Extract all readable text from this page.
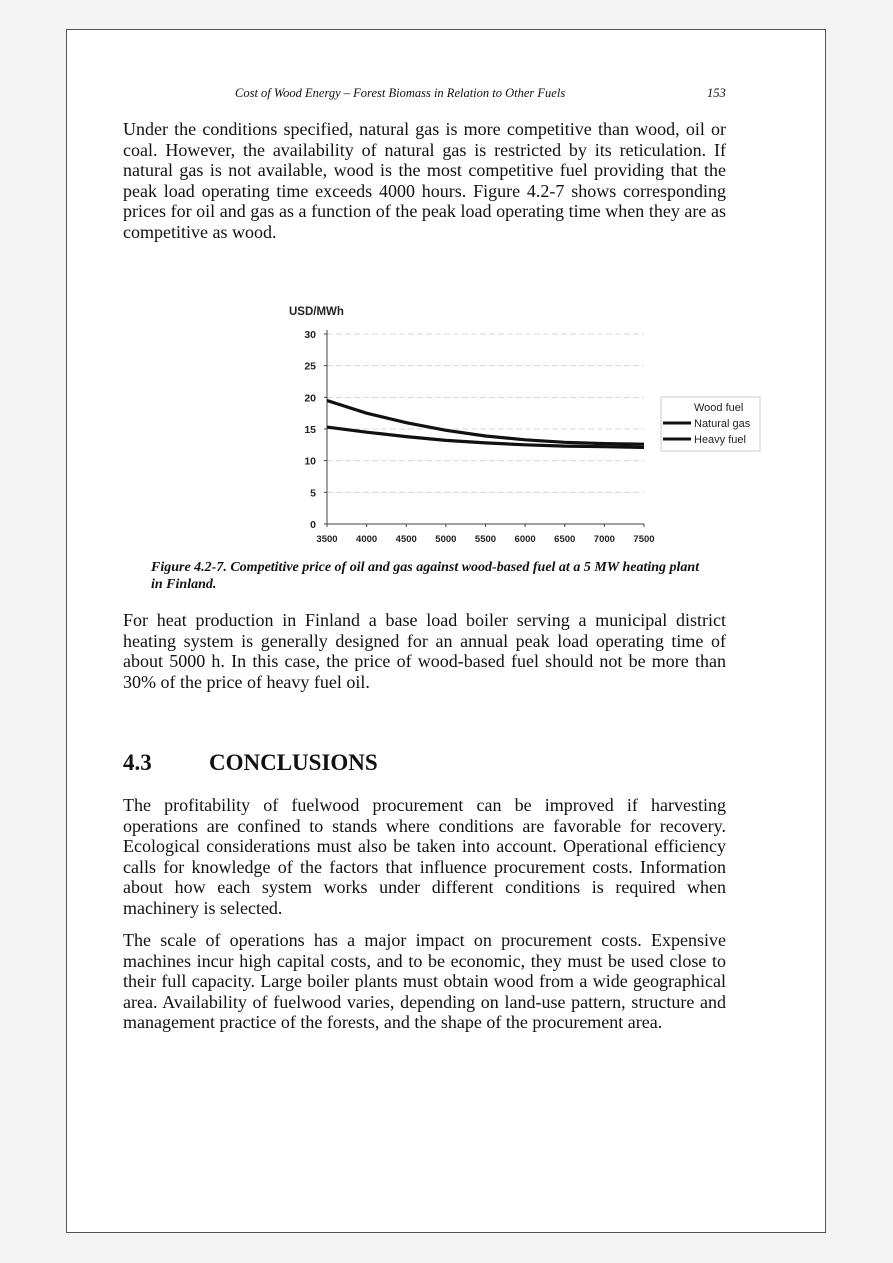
Cost of Wood Energy – Forest Biomass in Relation to Other Fuels	153

Under the conditions specified, natural gas is more competitive than wood, oil or coal. However, the availability of natural gas is restricted by its reticulation. If natural gas is not available, wood is the most competitive fuel providing that the peak load operating time exceeds 4000 hours. Figure 4.2-7 shows corresponding prices for oil and gas as a function of the peak load operating time when they are as competitive as wood.

30
25
20
15
10
5
0
3500 4000 4500 5000 5500 6000 6500 7000 7500
USD/MWh
Wood fuel
Natural gas
Heavy fuel

Figure 4.2-7. Competitive price of oil and gas against wood-based fuel at a 5 MW heating plant in Finland.

For heat production in Finland a base load boiler serving a municipal district heating system is generally designed for an annual peak load operating time of about 5000 h. In this case, the price of wood-based fuel should not be more than 30% of the price of heavy fuel oil.

4.3 CONCLUSIONS

The profitability of fuelwood procurement can be improved if harvesting operations are confined to stands where conditions are favorable for recovery. Ecological considerations must also be taken into account. Operational efficiency calls for knowledge of the factors that influence procurement costs. Information about how each system works under different conditions is required when machinery is selected.

The scale of operations has a major impact on procurement costs. Expensive machines incur high capital costs, and to be economic, they must be used close to their full capacity. Large boiler plants must obtain wood from a wide geographical area. Availability of fuelwood varies, depending on land-use pattern, structure and management practice of the forests, and the shape of the procurement area.
